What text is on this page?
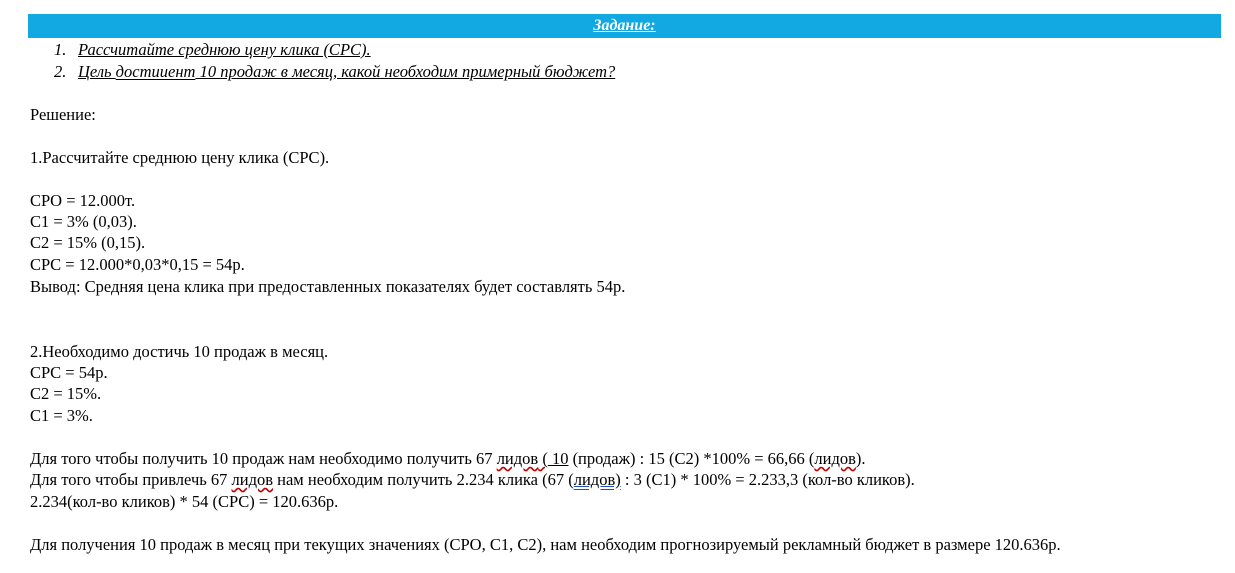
Задание:
1. Рассчитайте среднюю цену клика (CPC).
2. Цель достиuент 10 продаж в месяц, какой необходим примерный бюджет?
Решение:
1.Рассчитайте среднюю цену клика (CPC).
CPO = 12.000т.
C1 = 3% (0,03).
C2 = 15% (0,15).
CPC = 12.000*0,03*0,15 = 54р.
Вывод: Средняя цена клика при предоставленных показателях будет составлять 54р.
2.Необходимо достичь 10 продаж в месяц.
CPC = 54р.
C2 = 15%.
C1 = 3%.
Для того чтобы получить 10 продаж нам необходимо получить 67 лидов ( 10 (продаж) : 15 (C2) *100% = 66,66 (лидов).
Для того чтобы привлечь 67 лидов нам необходим получить 2.234 клика (67 (лидов) : 3 (C1) * 100% = 2.233,3 (кол-во кликов).
2.234(кол-во кликов) * 54 (CPC) = 120.636р.
Для получения 10 продаж в месяц при текущих значениях (CPO, C1, C2), нам необходим прогнозируемый рекламный бюджет в размере 120.636р.
